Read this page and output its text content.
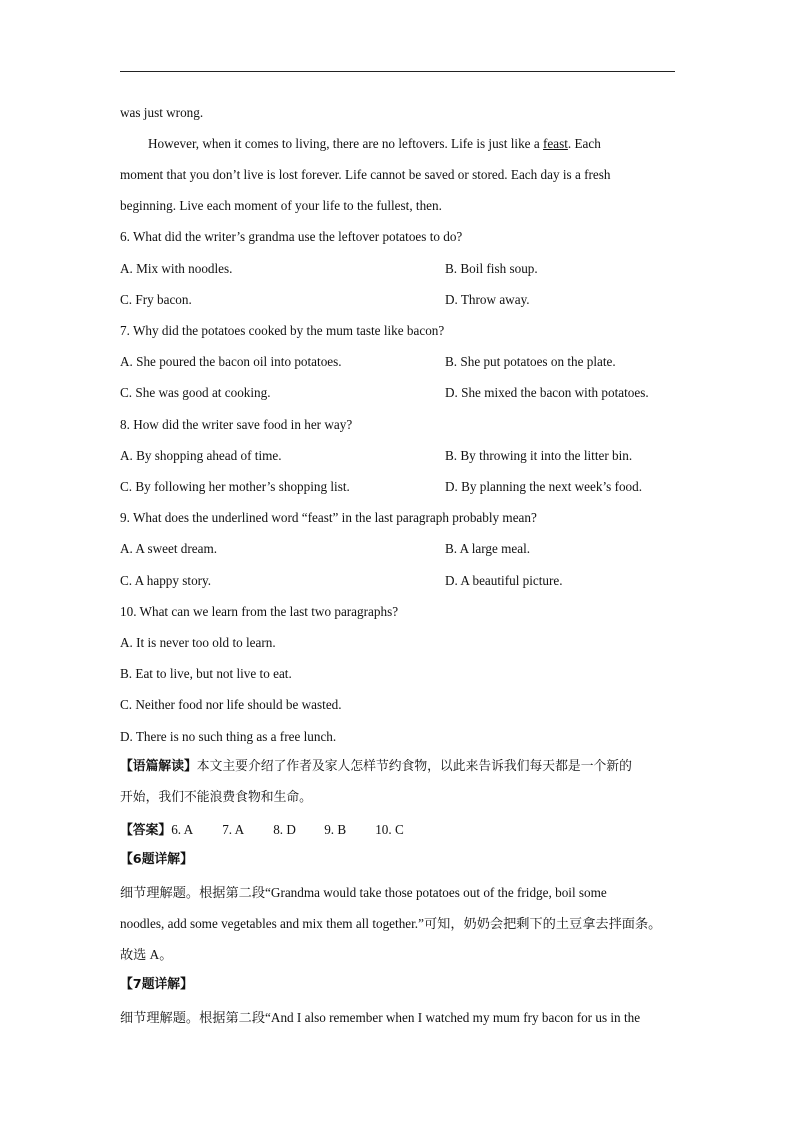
was just wrong.
However, when it comes to living, there are no leftovers. Life is just like a feast. Each
moment that you don’t live is lost forever. Life cannot be saved or stored. Each day is a fresh
beginning. Live each moment of your life to the fullest, then.
6. What did the writer’s grandma use the leftover potatoes to do?
A. Mix with noodles.	B. Boil fish soup.
C. Fry bacon.	D. Throw away.
7. Why did the potatoes cooked by the mum taste like bacon?
A. She poured the bacon oil into potatoes.	B. She put potatoes on the plate.
C. She was good at cooking.	D. She mixed the bacon with potatoes.
8. How did the writer save food in her way?
A. By shopping ahead of time.	B. By throwing it into the litter bin.
C. By following her mother’s shopping list.	D. By planning the next week’s food.
9. What does the underlined word “feast” in the last paragraph probably mean?
A. A sweet dream.	B. A large meal.
C. A happy story.	D. A beautiful picture.
10. What can we learn from the last two paragraphs?
A. It is never too old to learn.
B. Eat to live, but not live to eat.
C. Neither food nor life should be wasted.
D. There is no such thing as a free lunch.
【语篇解读】本文主要介绍了作者及家人怎样节约食物，以此来告诉我们每天都是一个新的
开始，我们不能浪费食物和生命。
【答案】6. A 7. A 8. D 9. B 10. C
【6题详解】
细节理解题。根据第二段“Grandma would take those potatoes out of the fridge, boil some
noodles, add some vegetables and mix them all together.”可知，奶奶会把剩下的土豆拿去拌面条。
故选 A。
【7题详解】
细节理解题。根据第二段“And I also remember when I watched my mum fry bacon for us in the
